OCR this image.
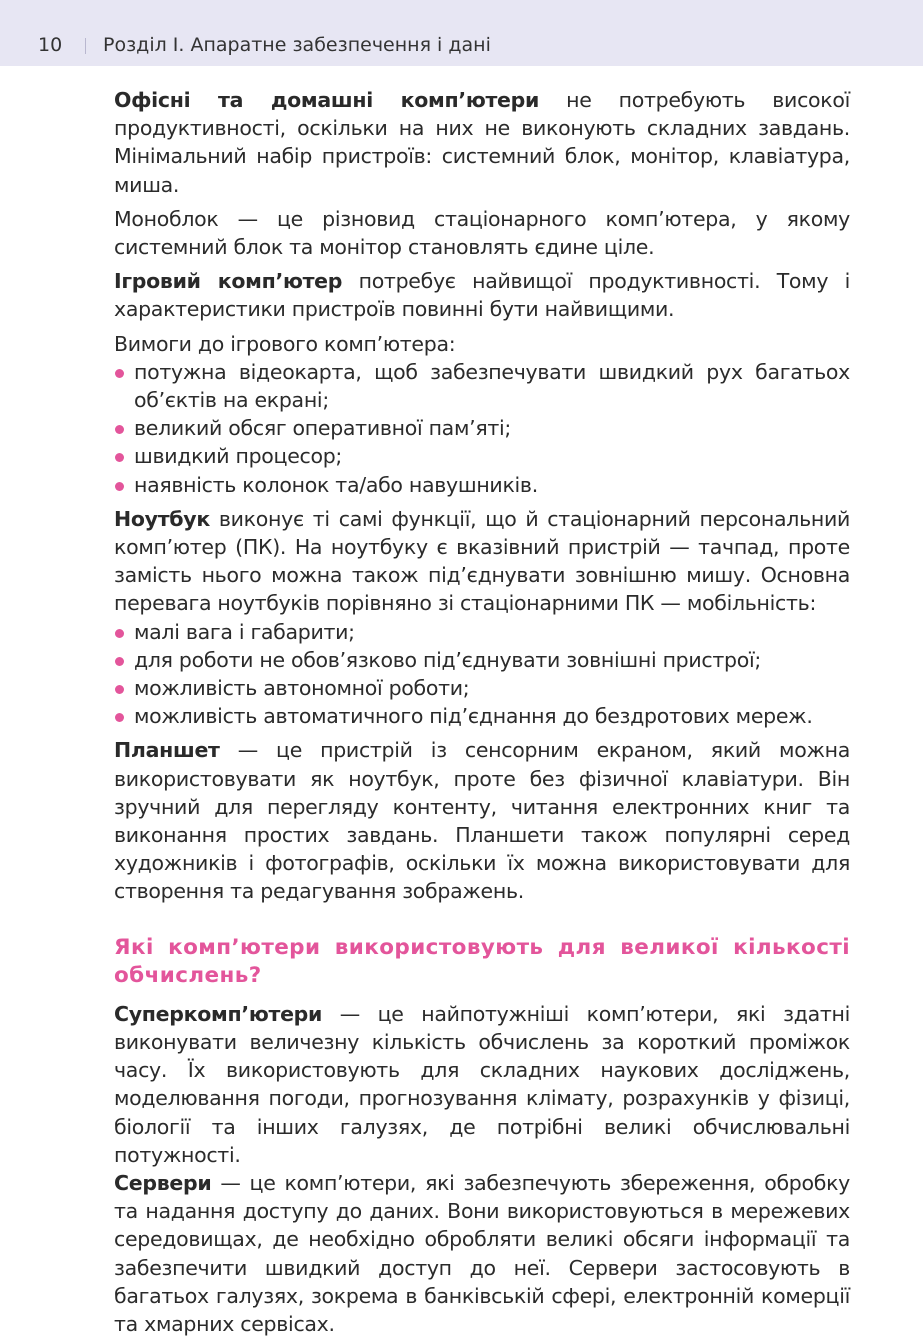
10 Розділ І. Апаратне забезпечення і дані

Офісні та домашні комп’ютери не потребують високої продуктивності, оскільки на них не виконують складних завдань. Мінімальний набір пристроїв: системний блок, монітор, клавіатура, миша.

Моноблок — це різновид стаціонарного комп’ютера, у якому системний блок та монітор становлять єдине ціле.

Ігровий комп’ютер потребує найвищої продуктивності. Тому і характеристики пристроїв повинні бути найвищими.

Вимоги до ігрового комп’ютера:

потужна відеокарта, щоб забезпечувати швидкий рух багатьох об’єктів на екрані;
великий обсяг оперативної пам’яті;
швидкий процесор;
наявність колонок та/або навушників.

Ноутбук виконує ті самі функції, що й стаціонарний персональний комп’ютер (ПК). На ноутбуку є вказівний пристрій — тачпад, проте замість нього можна також під’єднувати зовнішню мишу. Основна перевага ноутбуків порівняно зі стаціонарними ПК — мобільність:

малі вага і габарити;
для роботи не обов’язково під’єднувати зовнішні пристрої;
можливість автономної роботи;
можливість автоматичного під’єднання до бездротових мереж.

Планшет — це пристрій із сенсорним екраном, який можна використовувати як ноутбук, проте без фізичної клавіатури. Він зручний для перегляду контенту, читання електронних книг та виконання простих завдань. Планшети також популярні серед художників і фотографів, оскільки їх можна використовувати для створення та редагування зображень.

Які комп’ютери використовують для великої кількості обчислень?

Суперкомп’ютери — це найпотужніші комп’ютери, які здатні виконувати величезну кількість обчислень за короткий проміжок часу. Їх використовують для складних наукових досліджень, моделювання погоди, прогнозування клімату, розрахунків у фізиці, біології та інших галузях, де потрібні великі обчислювальні потужності.

Сервери — це комп’ютери, які забезпечують збереження, обробку та надання доступу до даних. Вони використовуються в мережевих середовищах, де необхідно обробляти великі обсяги інформації та забезпечити швидкий доступ до неї. Сервери застосовують в багатьох галузях, зокрема в банківській сфері, електронній комерції та хмарних сервісах.
